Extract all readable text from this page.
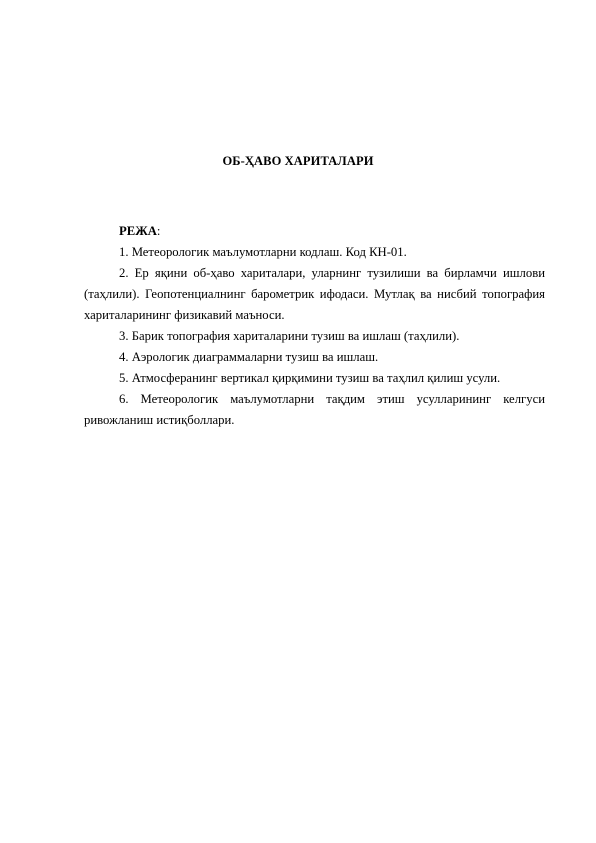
ОБ-ҲАВО ХАРИТАЛАРИ

РЕЖА:

1. Метеорологик маълумотларни кодлаш. Код КН-01.

2. Ер яқини об-ҳаво хариталари, уларнинг тузилиши ва бирламчи ишлови (таҳлили). Геопотенциалнинг барометрик ифодаси. Мутлақ ва нисбий топография хариталарининг физикавий маъноси.

3. Барик топография хариталарини тузиш ва ишлаш (таҳлили).

4. Аэрологик диаграммаларни тузиш ва ишлаш.

5. Атмосферанинг вертикал қирқимини тузиш ва таҳлил қилиш усули.

6. Метеорологик маълумотларни тақдим этиш усулларининг келгуси ривожланиш истиқболлари.
